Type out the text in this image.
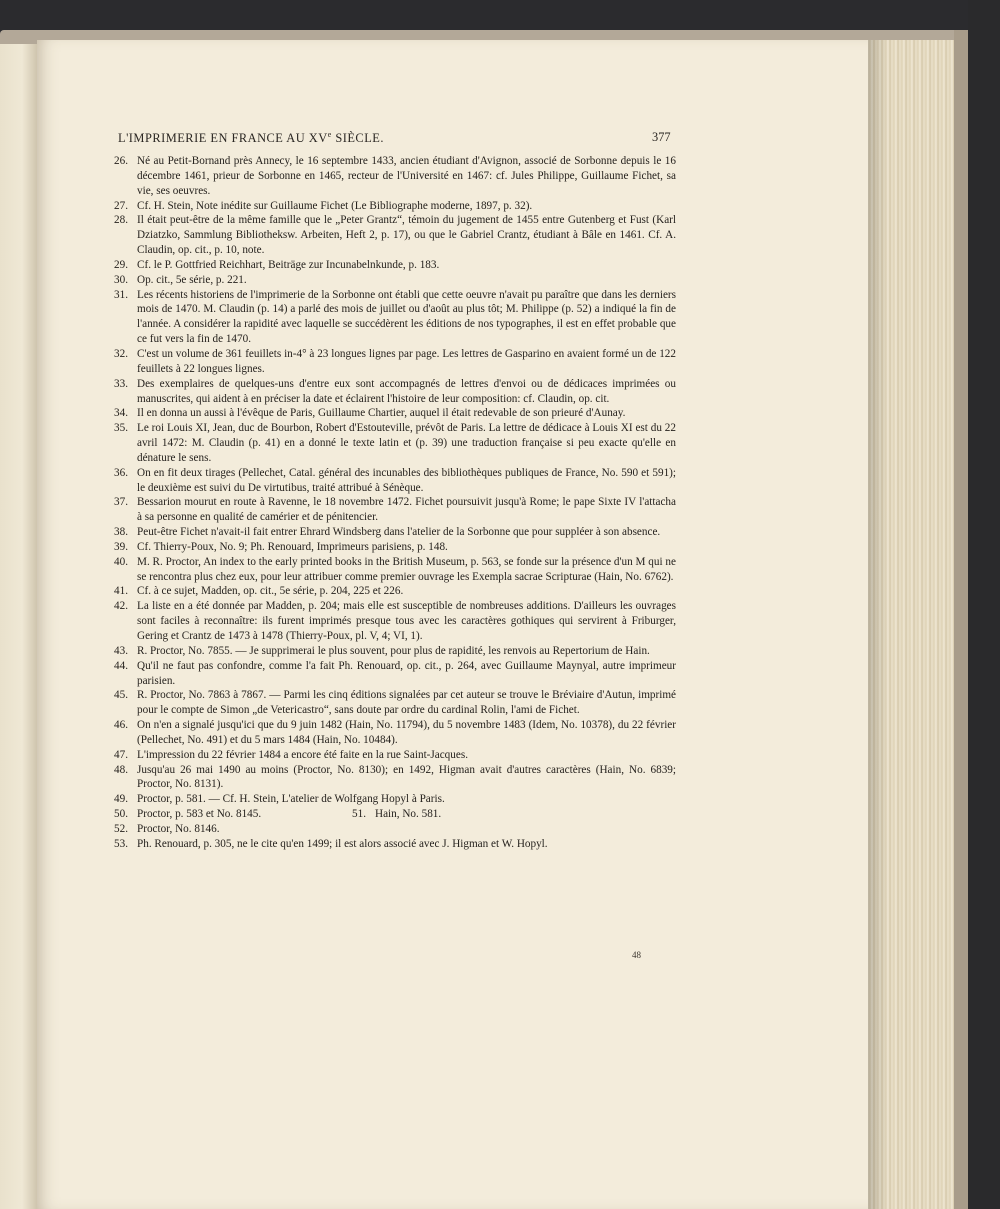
L'IMPRIMERIE EN FRANCE AU XVe SIÈCLE.	377
26. Né au Petit-Bornand près Annecy, le 16 septembre 1433, ancien étudiant d'Avignon, associé de Sorbonne depuis le 16 décembre 1461, prieur de Sorbonne en 1465, recteur de l'Université en 1467: cf. Jules Philippe, Guillaume Fichet, sa vie, ses oeuvres.
27. Cf. H. Stein, Note inédite sur Guillaume Fichet (Le Bibliographe moderne, 1897, p. 32).
28. Il était peut-être de la même famille que le „Peter Grantz“, témoin du jugement de 1455 entre Gutenberg et Fust (Karl Dziatzko, Sammlung Bibliotheksw. Arbeiten, Heft 2, p. 17), ou que le Gabriel Crantz, étudiant à Bâle en 1461. Cf. A. Claudin, op. cit., p. 10, note.
29. Cf. le P. Gottfried Reichhart, Beiträge zur Incunabelnkunde, p. 183.
30. Op. cit., 5e série, p. 221.
31. Les récents historiens de l'imprimerie de la Sorbonne ont établi que cette oeuvre n'avait pu paraître que dans les derniers mois de 1470. M. Claudin (p. 14) a parlé des mois de juillet ou d'août au plus tôt; M. Philippe (p. 52) a indiqué la fin de l'année. A considérer la rapidité avec laquelle se succédèrent les éditions de nos typographes, il est en effet probable que ce fut vers la fin de 1470.
32. C'est un volume de 361 feuillets in-4° à 23 longues lignes par page. Les lettres de Gasparino en avaient formé un de 122 feuillets à 22 longues lignes.
33. Des exemplaires de quelques-uns d'entre eux sont accompagnés de lettres d'envoi ou de dédicaces imprimées ou manuscrites, qui aident à en préciser la date et éclairent l'histoire de leur composition: cf. Claudin, op. cit.
34. Il en donna un aussi à l'évêque de Paris, Guillaume Chartier, auquel il était redevable de son prieuré d'Aunay.
35. Le roi Louis XI, Jean, duc de Bourbon, Robert d'Estouteville, prévôt de Paris. La lettre de dédicace à Louis XI est du 22 avril 1472: M. Claudin (p. 41) en a donné le texte latin et (p. 39) une traduction française si peu exacte qu'elle en dénature le sens.
36. On en fit deux tirages (Pellechet, Catal. général des incunables des bibliothèques publiques de France, No. 590 et 591); le deuxième est suivi du De virtutibus, traité attribué à Sénèque.
37. Bessarion mourut en route à Ravenne, le 18 novembre 1472. Fichet poursuivit jusqu'à Rome; le pape Sixte IV l'attacha à sa personne en qualité de camérier et de pénitencier.
38. Peut-être Fichet n'avait-il fait entrer Ehrard Windsberg dans l'atelier de la Sorbonne que pour suppléer à son absence.
39. Cf. Thierry-Poux, No. 9; Ph. Renouard, Imprimeurs parisiens, p. 148.
40. M. R. Proctor, An index to the early printed books in the British Museum, p. 563, se fonde sur la présence d'un M qui ne se rencontra plus chez eux, pour leur attribuer comme premier ouvrage les Exempla sacrae Scripturae (Hain, No. 6762).
41. Cf. à ce sujet, Madden, op. cit., 5e série, p. 204, 225 et 226.
42. La liste en a été donnée par Madden, p. 204; mais elle est susceptible de nombreuses additions. D'ailleurs les ouvrages sont faciles à reconnaître: ils furent imprimés presque tous avec les caractères gothiques qui servirent à Friburger, Gering et Crantz de 1473 à 1478 (Thierry-Poux, pl. V, 4; VI, 1).
43. R. Proctor, No. 7855. — Je supprimerai le plus souvent, pour plus de rapidité, les renvois au Repertorium de Hain.
44. Qu'il ne faut pas confondre, comme l'a fait Ph. Renouard, op. cit., p. 264, avec Guillaume Maynyal, autre imprimeur parisien.
45. R. Proctor, No. 7863 à 7867. — Parmi les cinq éditions signalées par cet auteur se trouve le Bréviaire d'Autun, imprimé pour le compte de Simon „de Vetericastro“, sans doute par ordre du cardinal Rolin, l'ami de Fichet.
46. On n'en a signalé jusqu'ici que du 9 juin 1482 (Hain, No. 11794), du 5 novembre 1483 (Idem, No. 10378), du 22 février (Pellechet, No. 491) et du 5 mars 1484 (Hain, No. 10484).
47. L'impression du 22 février 1484 a encore été faite en la rue Saint-Jacques.
48. Jusqu'au 26 mai 1490 au moins (Proctor, No. 8130); en 1492, Higman avait d'autres caractères (Hain, No. 6839; Proctor, No. 8131).
49. Proctor, p. 581. — Cf. H. Stein, L'atelier de Wolfgang Hopyl à Paris.
50. Proctor, p. 583 et No. 8145.	51. Hain, No. 581.
52. Proctor, No. 8146.
53. Ph. Renouard, p. 305, ne le cite qu'en 1499; il est alors associé avec J. Higman et W. Hopyl.
48
